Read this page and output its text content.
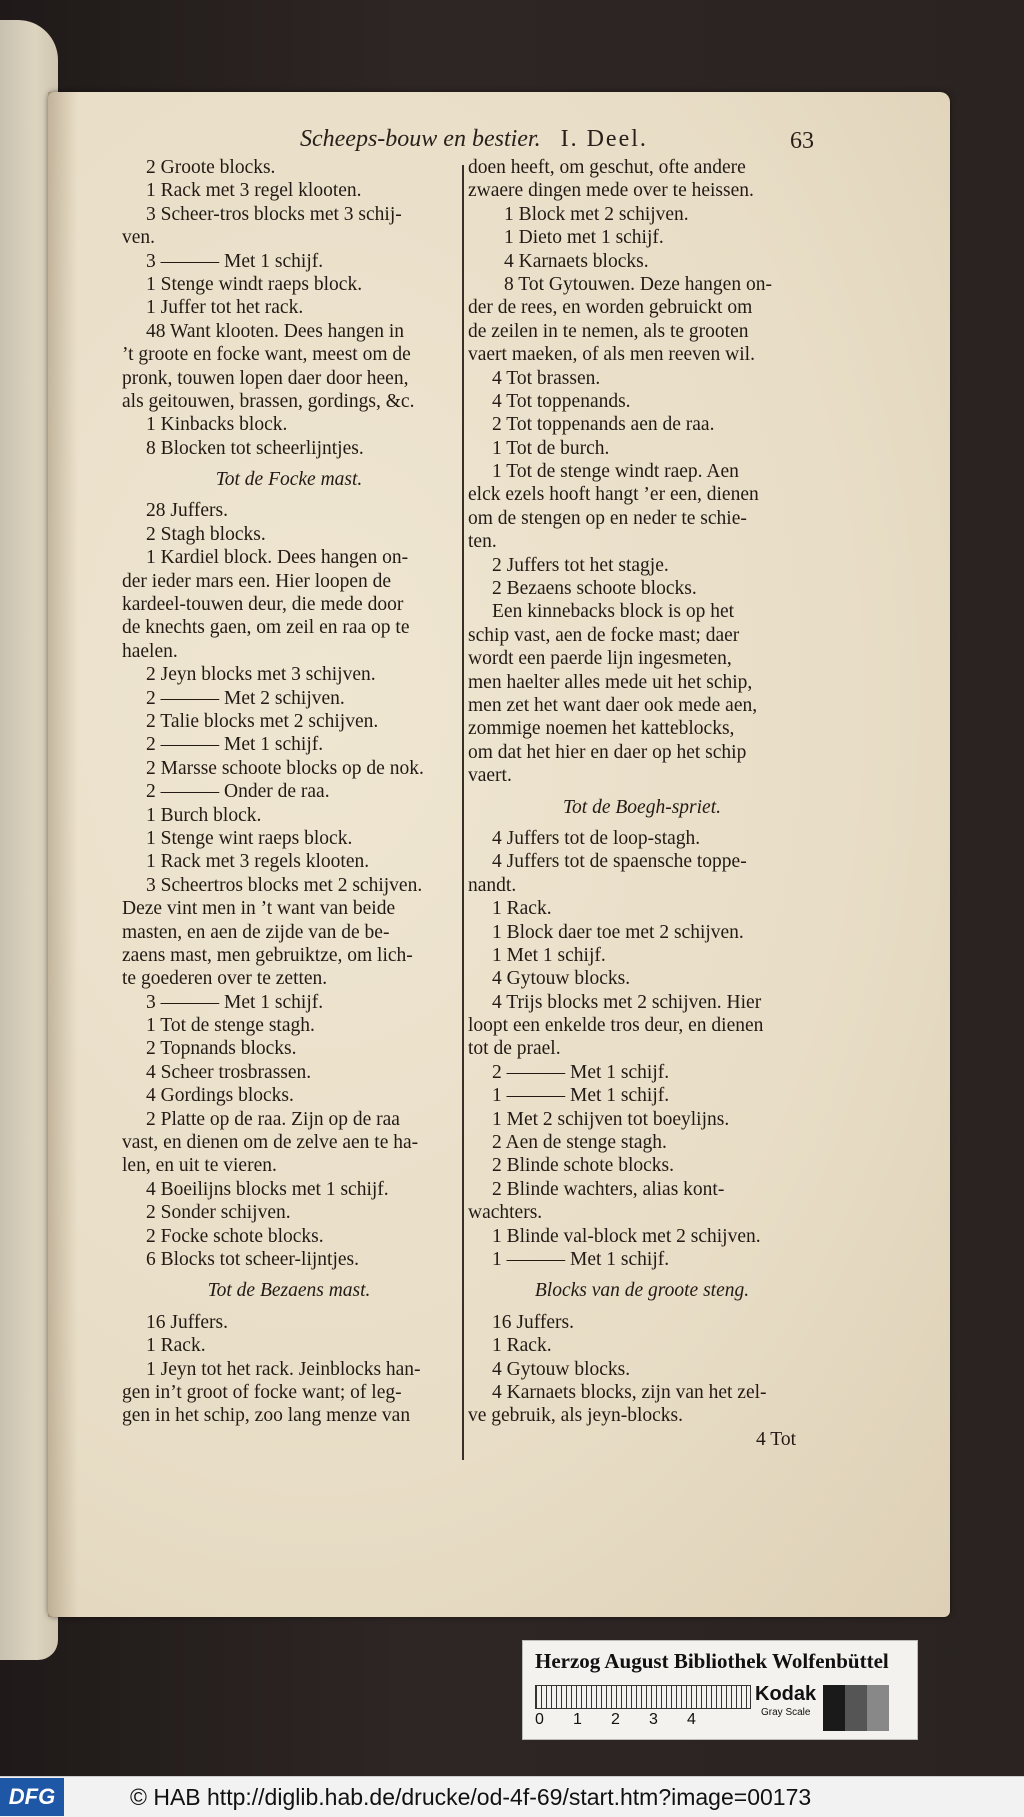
Scheeps-bouw en bestier. I. Deel.	63
2 Groote blocks.
1 Rack met 3 regel klooten.
3 Scheer-tros blocks met 3 schij-
ven.
3 ——— Met 1 schijf.
1 Stenge windt raeps block.
1 Juffer tot het rack.
48 Want klooten. Dees hangen in
’t groote en focke want, meest om de
pronk, touwen lopen daer door heen,
als geitouwen, brassen, gordings, &c.
1 Kinbacks block.
8 Blocken tot scheerlijntjes.
Tot de Focke mast.
28 Juffers.
2 Stagh blocks.
1 Kardiel block. Dees hangen on-
der ieder mars een. Hier loopen de
kardeel-touwen deur, die mede door
de knechts gaen, om zeil en raa op te
haelen.
2 Jeyn blocks met 3 schijven.
2 ——— Met 2 schijven.
2 Talie blocks met 2 schijven.
2 ——— Met 1 schijf.
2 Marsse schoote blocks op de nok.
2 ——— Onder de raa.
1 Burch block.
1 Stenge wint raeps block.
1 Rack met 3 regels klooten.
3 Scheertros blocks met 2 schijven.
Deze vint men in ’t want van beide
masten, en aen de zijde van de be-
zaens mast, men gebruiktze, om lich-
te goederen over te zetten.
3 ——— Met 1 schijf.
1 Tot de stenge stagh.
2 Topnands blocks.
4 Scheer trosbrassen.
4 Gordings blocks.
2 Platte op de raa. Zijn op de raa
vast, en dienen om de zelve aen te ha-
len, en uit te vieren.
4 Boeilijns blocks met 1 schijf.
2 Sonder schijven.
2 Focke schote blocks.
6 Blocks tot scheer-lijntjes.
Tot de Bezaens mast.
16 Juffers.
1 Rack.
1 Jeyn tot het rack. Jeinblocks han-
gen in’t groot of focke want; of leg-
gen in het schip, zoo lang menze van
doen heeft, om geschut, ofte andere
zwaere dingen mede over te heissen.
1 Block met 2 schijven.
1 Dieto met 1 schijf.
4 Karnaets blocks.
8 Tot Gytouwen. Deze hangen on-
der de rees, en worden gebruickt om
de zeilen in te nemen, als te grooten
vaert maeken, of als men reeven wil.
4 Tot brassen.
4 Tot toppenands.
2 Tot toppenands aen de raa.
1 Tot de burch.
1 Tot de stenge windt raep. Aen
elck ezels hooft hangt ’er een, dienen
om de stengen op en neder te schie-
ten.
2 Juffers tot het stagje.
2 Bezaens schoote blocks.
Een kinnebacks block is op het
schip vast, aen de focke mast; daer
wordt een paerde lijn ingesmeten,
men haelter alles mede uit het schip,
men zet het want daer ook mede aen,
zommige noemen het katteblocks,
om dat het hier en daer op het schip
vaert.
Tot de Boegh-spriet.
4 Juffers tot de loop-stagh.
4 Juffers tot de spaensche toppe-
nandt.
1 Rack.
1 Block daer toe met 2 schijven.
1 Met 1 schijf.
4 Gytouw blocks.
4 Trijs blocks met 2 schijven. Hier
loopt een enkelde tros deur, en dienen
tot de prael.
2 ——— Met 1 schijf.
1 ——— Met 1 schijf.
1 Met 2 schijven tot boeylijns.
2 Aen de stenge stagh.
2 Blinde schote blocks.
2 Blinde wachters, alias kont-
wachters.
1 Blinde val-block met 2 schijven.
1 ——— Met 1 schijf.
Blocks van de groote steng.
16 Juffers.
1 Rack.
4 Gytouw blocks.
4 Karnaets blocks, zijn van het zel-
ve gebruik, als jeyn-blocks.
4 Tot
Herzog August Bibliothek Wolfenbüttel
0 1 2 3 4
Kodak
Gray Scale
DFG	© HAB http://diglib.hab.de/drucke/od-4f-69/start.htm?image=00173
